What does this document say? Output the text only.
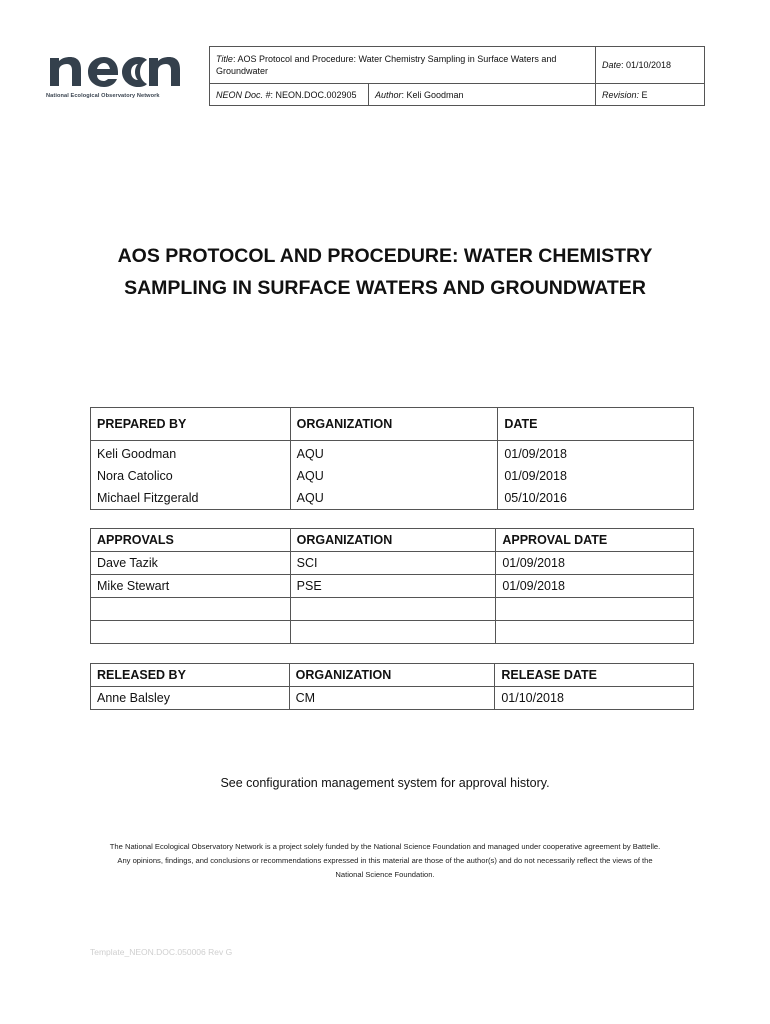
National Ecological Observatory Network
Title: AOS Protocol and Procedure: Water Chemistry Sampling in Surface Waters and Groundwater		Date: 01/10/2018
NEON Doc. #: NEON.DOC.002905	Author: Keli Goodman	Revision: E
AOS PROTOCOL AND PROCEDURE: WATER CHEMISTRY SAMPLING IN SURFACE WATERS AND GROUNDWATER
PREPARED BY	ORGANIZATION	DATE
Keli Goodman	AQU	01/09/2018
Nora Catolico	AQU	01/09/2018
Michael Fitzgerald	AQU	05/10/2016
APPROVALS	ORGANIZATION	APPROVAL DATE
Dave Tazik	SCI	01/09/2018
Mike Stewart	PSE	01/09/2018

RELEASED BY	ORGANIZATION	RELEASE DATE
Anne Balsley	CM	01/10/2018
See configuration management system for approval history.
The National Ecological Observatory Network is a project solely funded by the National Science Foundation and managed under cooperative agreement by Battelle.
Any opinions, findings, and conclusions or recommendations expressed in this material are those of the author(s) and do not necessarily reflect the views of the
National Science Foundation.
Template_NEON.DOC.050006 Rev G
